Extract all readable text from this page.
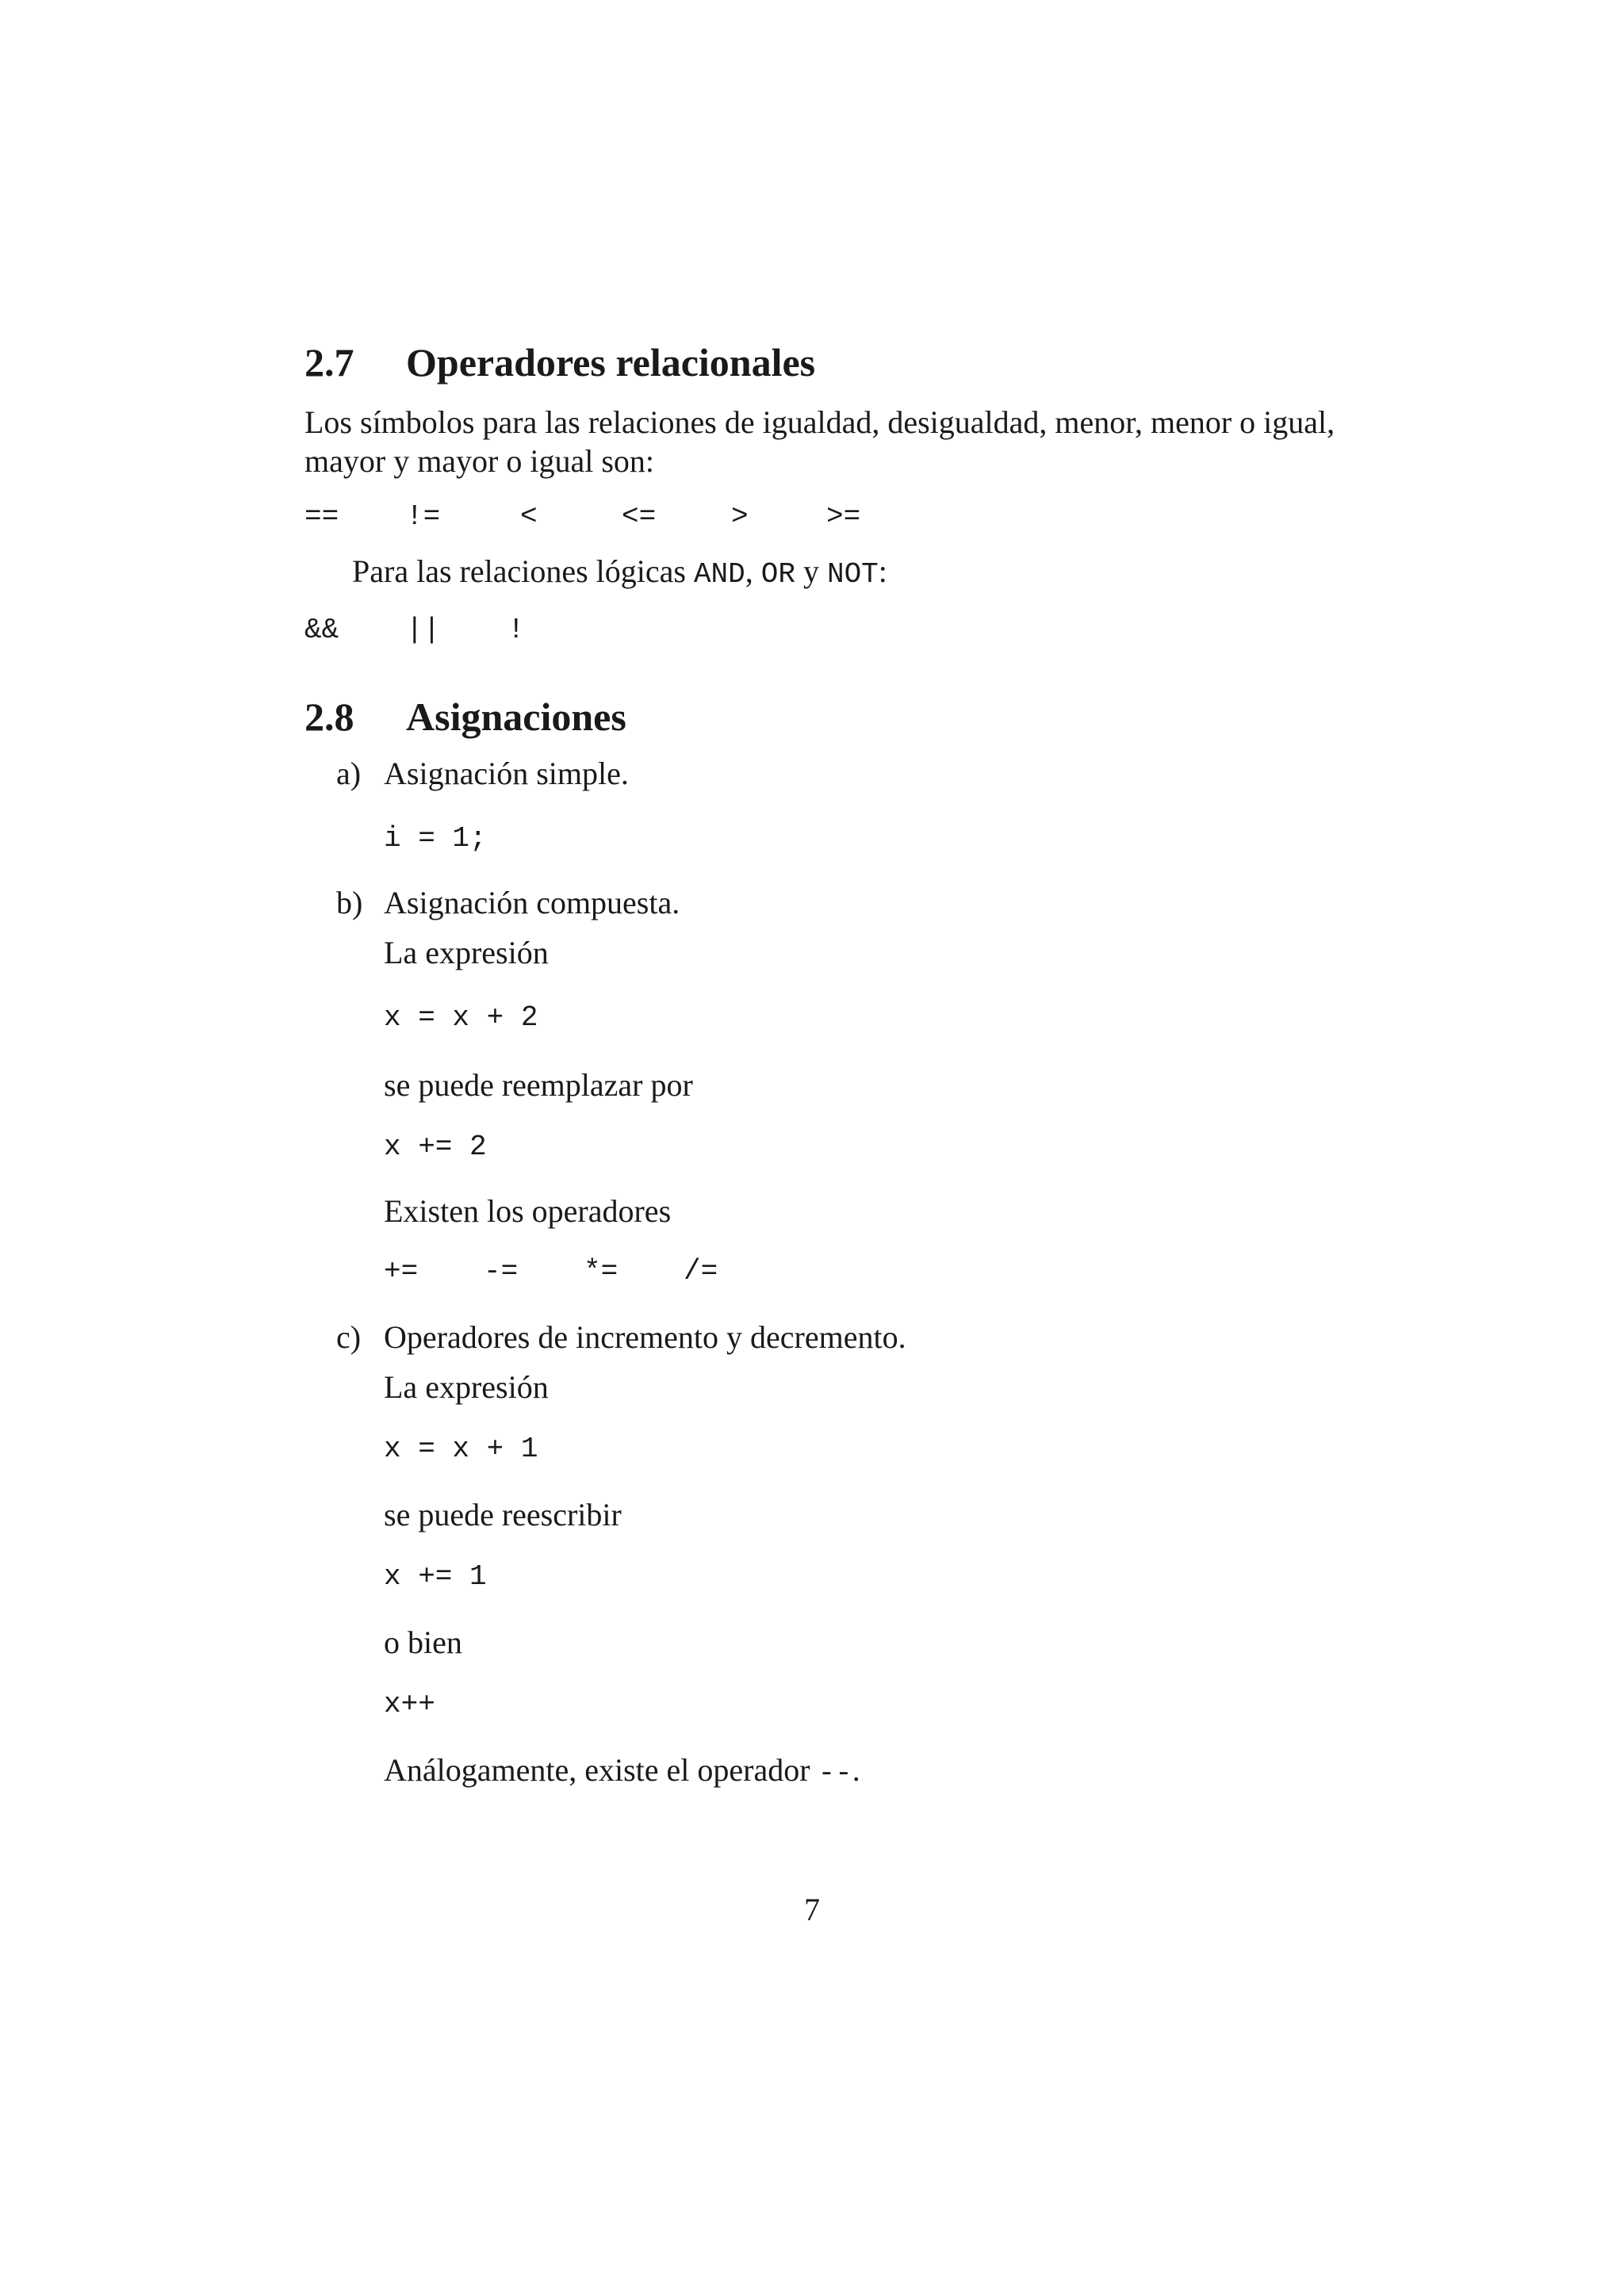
2.7	Operadores relacionales

Los símbolos para las relaciones de igualdad, desigualdad, menor, menor o igual, mayor y mayor o igual son:

==	!=	<	<=	>	>=

Para las relaciones lógicas AND, OR y NOT:

&&	||	!
2.8	Asignaciones
a) Asignación simple.

i = 1;

b) Asignación compuesta.

La expresión

x = x + 2

se puede reemplazar por

x += 2

Existen los operadores

+=	-=	*=	/=
c) Operadores de incremento y decremento.

La expresión

x = x + 1

se puede reescribir

x += 1

o bien

x++

Análogamente, existe el operador --.

7
